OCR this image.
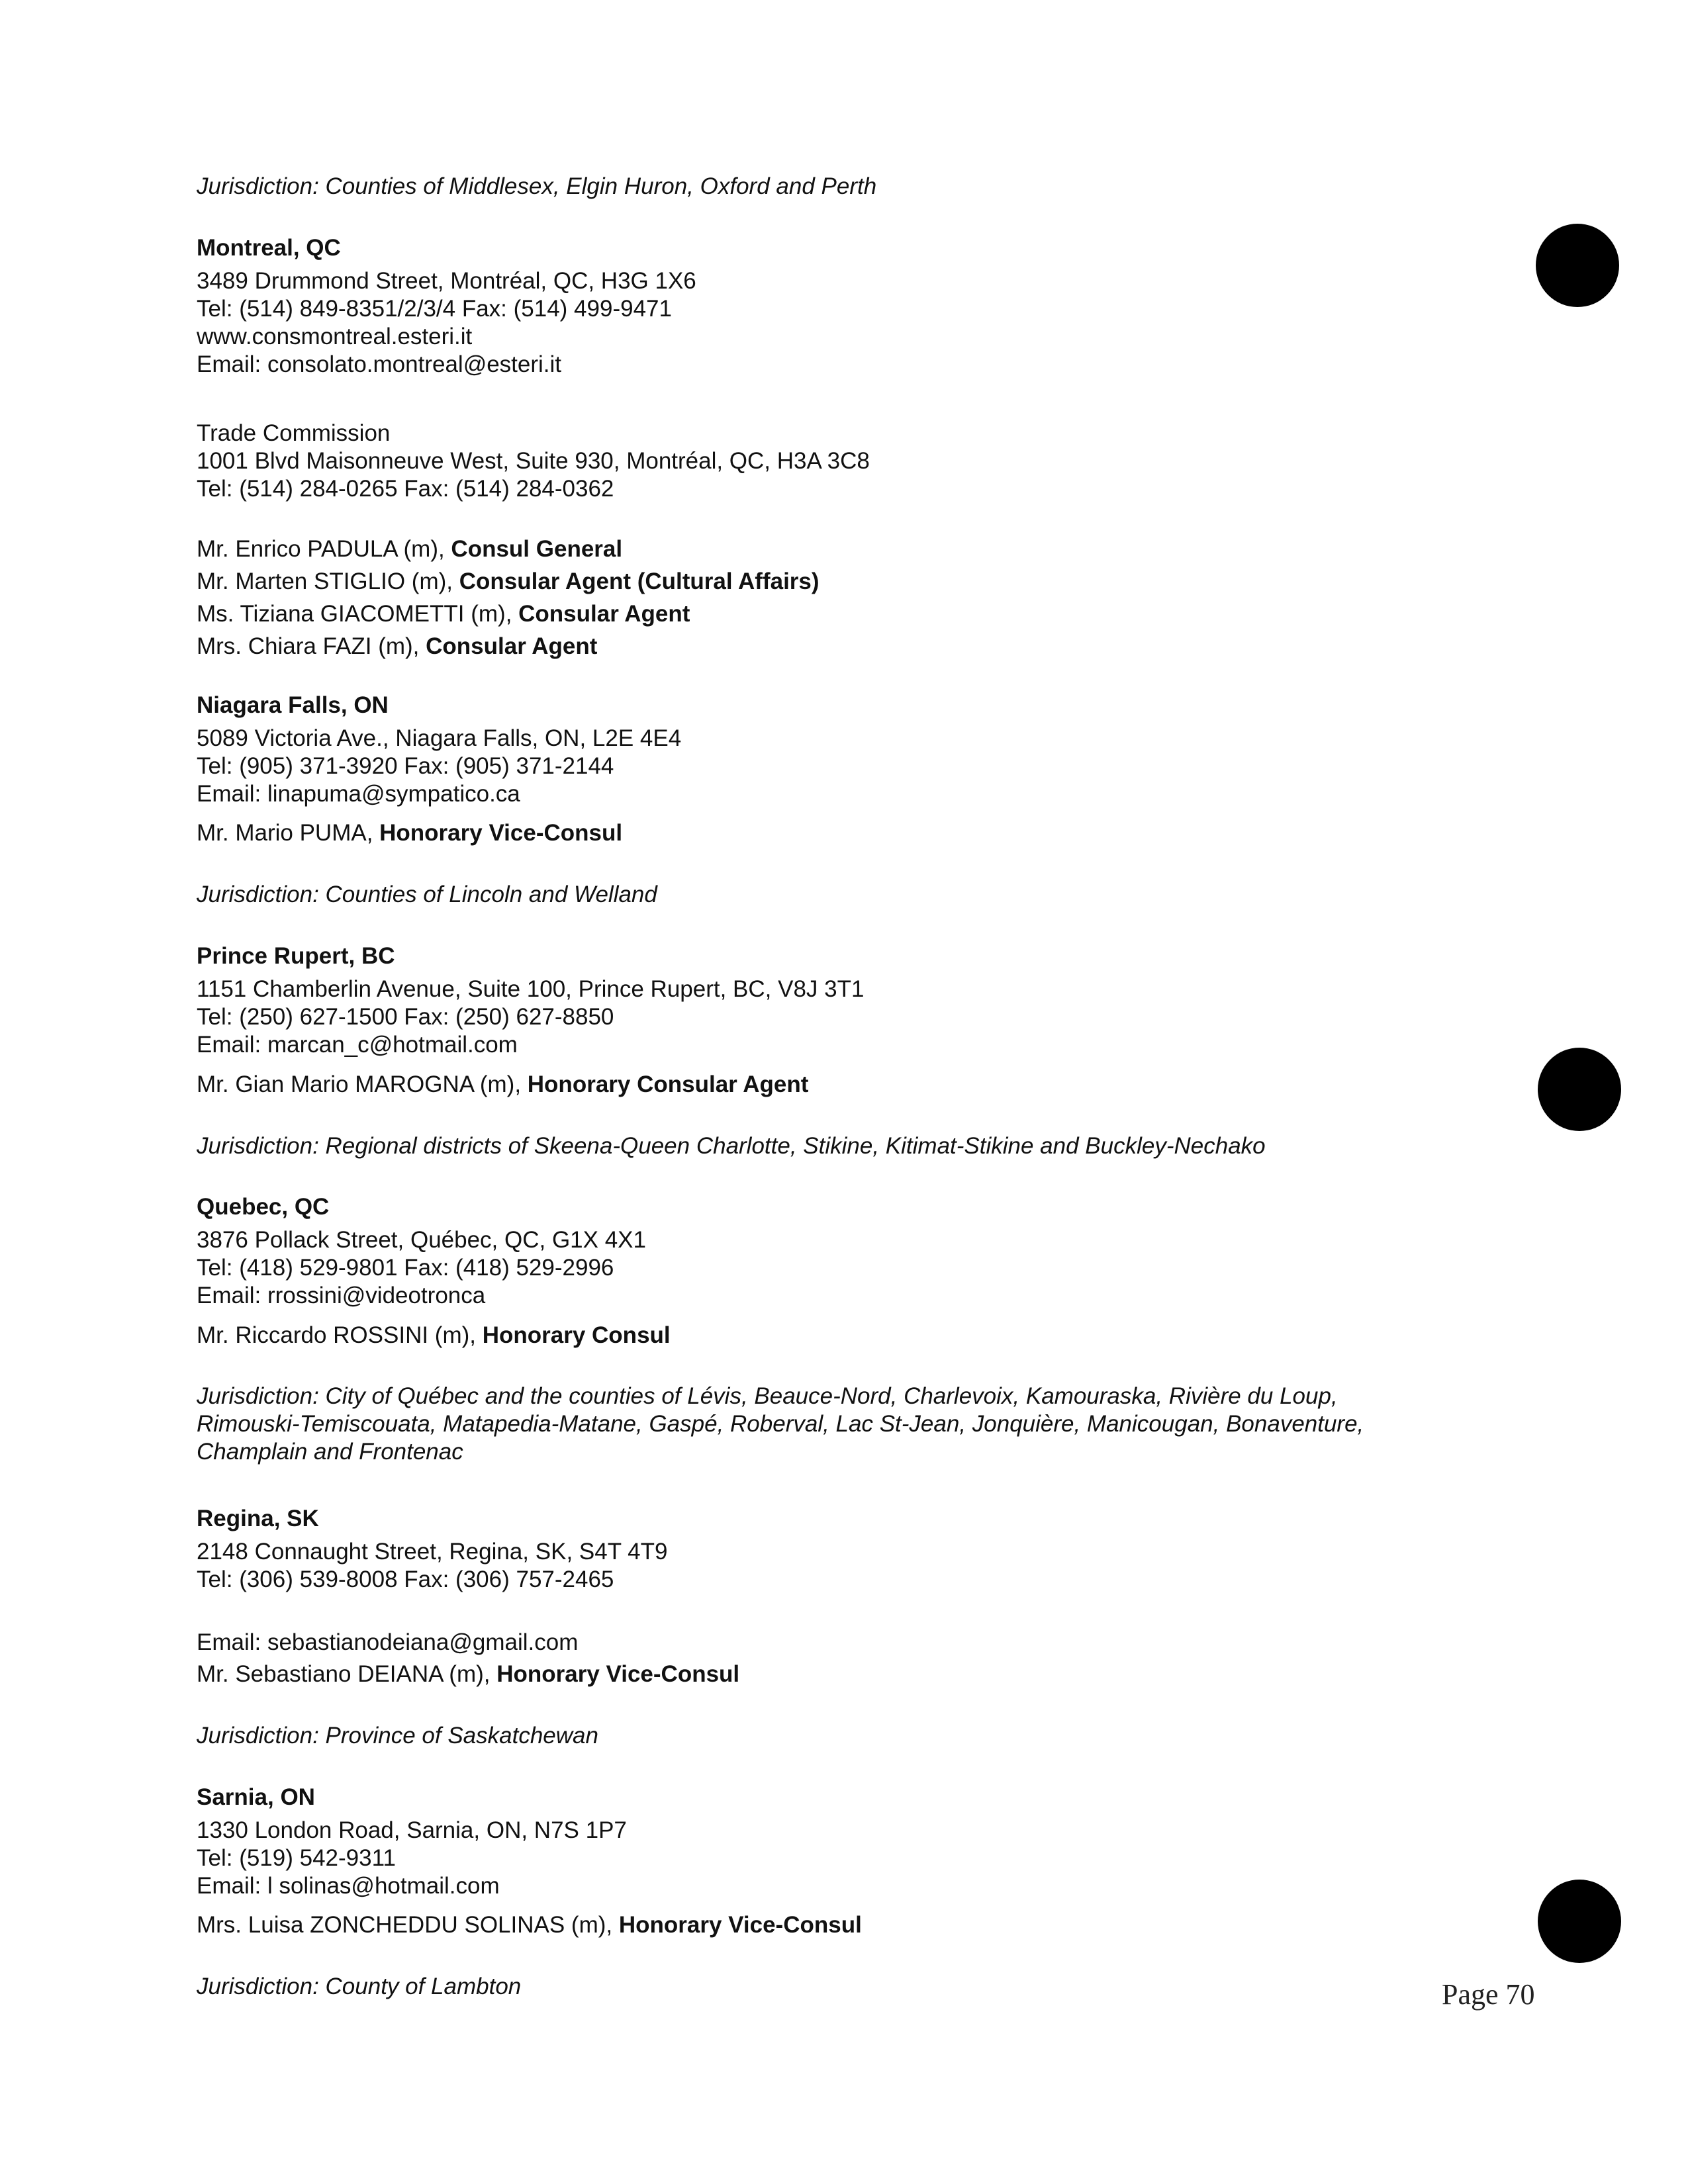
Jurisdiction: Counties of Middlesex, Elgin Huron, Oxford and Perth
Montreal, QC
3489 Drummond Street, Montréal, QC, H3G 1X6
Tel: (514) 849-8351/2/3/4 Fax: (514) 499-9471
www.consmontreal.esteri.it
Email: consolato.montreal@esteri.it
Trade Commission
1001 Blvd Maisonneuve West, Suite 930, Montréal, QC, H3A 3C8
Tel: (514) 284-0265 Fax: (514) 284-0362
Mr. Enrico PADULA (m), Consul General
Mr. Marten STIGLIO (m), Consular Agent (Cultural Affairs)
Ms. Tiziana GIACOMETTI (m), Consular Agent
Mrs. Chiara FAZI (m), Consular Agent
Niagara Falls, ON
5089 Victoria Ave., Niagara Falls, ON, L2E 4E4
Tel: (905) 371-3920 Fax: (905) 371-2144
Email: linapuma@sympatico.ca
Mr. Mario PUMA, Honorary Vice-Consul
Jurisdiction: Counties of Lincoln and Welland
Prince Rupert, BC
1151 Chamberlin Avenue, Suite 100, Prince Rupert, BC, V8J 3T1
Tel: (250) 627-1500 Fax: (250) 627-8850
Email: marcan_c@hotmail.com
Mr. Gian Mario MAROGNA (m), Honorary Consular Agent
Jurisdiction: Regional districts of Skeena-Queen Charlotte, Stikine, Kitimat-Stikine and Buckley-Nechako
Quebec, QC
3876 Pollack Street, Québec, QC, G1X 4X1
Tel: (418) 529-9801 Fax: (418) 529-2996
Email: rrossini@videotronca
Mr. Riccardo ROSSINI (m), Honorary Consul
Jurisdiction: City of Québec and the counties of Lévis, Beauce-Nord, Charlevoix, Kamouraska, Rivière du Loup,
Rimouski-Temiscouata, Matapedia-Matane, Gaspé, Roberval, Lac St-Jean, Jonquière, Manicougan, Bonaventure,
Champlain and Frontenac
Regina, SK
2148 Connaught Street, Regina, SK, S4T 4T9
Tel: (306) 539-8008 Fax: (306) 757-2465
Email: sebastianodeiana@gmail.com
Mr. Sebastiano DEIANA (m), Honorary Vice-Consul
Jurisdiction: Province of Saskatchewan
Sarnia, ON
1330 London Road, Sarnia, ON, N7S 1P7
Tel: (519) 542-9311
Email: l solinas@hotmail.com
Mrs. Luisa ZONCHEDDU SOLINAS (m), Honorary Vice-Consul
Jurisdiction: County of Lambton	Page 70
